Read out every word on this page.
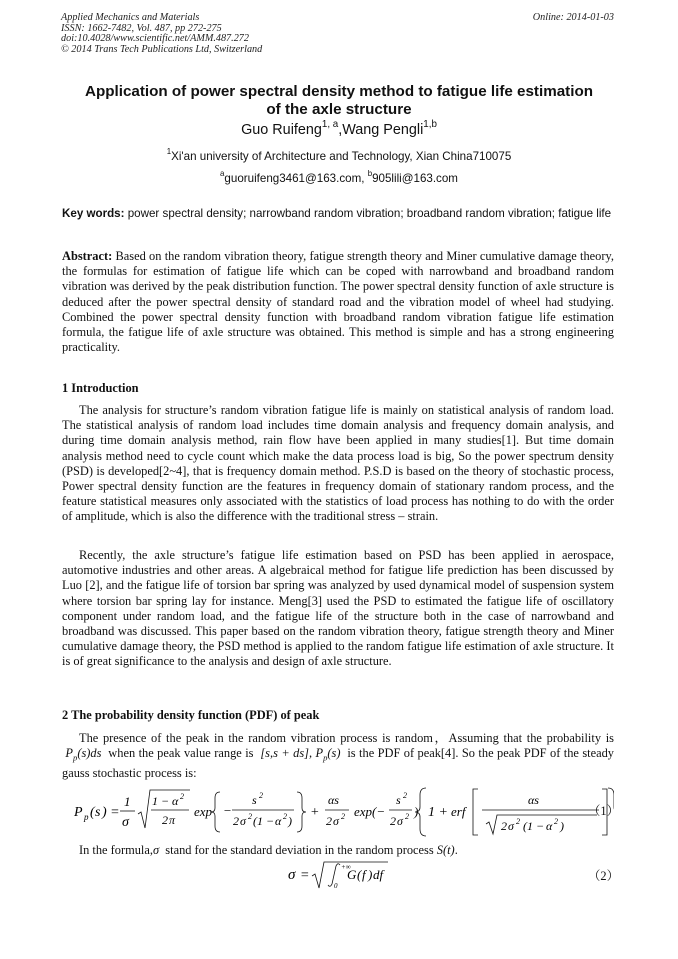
Applied Mechanics and Materials
ISSN: 1662-7482, Vol. 487, pp 272-275
doi:10.4028/www.scientific.net/AMM.487.272
© 2014 Trans Tech Publications Ltd, Switzerland
Online: 2014-01-03
Application of power spectral density method to fatigue life estimation of the axle structure
Guo Ruifeng$^{1, a}$,Wang Pengli$^{1,b}$
$^1$Xi'an university of Architecture and Technology, Xian China710075
$^a$guoruifeng3461@163.com, $^b$905lili@163.com
Key words: power spectral density; narrowband random vibration; broadband random vibration; fatigue life
Abstract: Based on the random vibration theory, fatigue strength theory and Miner cumulative damage theory, the formulas for estimation of fatigue life which can be coped with narrowband and broadband random vibration was derived by the peak distribution function. The power spectral density function of axle structure is deduced after the power spectral density of standard road and the vibration model of wheel had studying. Combined the power spectral density function with broadband random vibration fatigue life estimation formula, the fatigue life of axle structure was obtained. This method is simple and has a strong engineering practicality.
1 Introduction
The analysis for structure’s random vibration fatigue life is mainly on statistical analysis of random load. The statistical analysis of random load includes time domain analysis and frequency domain analysis, and during time domain analysis method, rain flow have been applied in many studies[1]. But time domain analysis method need to cycle count which make the data process load is big, So the power spectrum density (PSD) is developed[2~4], that is frequency domain method. P.S.D is based on the theory of stochastic process, Power spectral density function are the features in frequency domain of stationary random process, and the feature statistical measures only associated with the statistics of load process has nothing to do with the order of amplitude, which is also the difference with the traditional stress – strain.
Recently, the axle structure’s fatigue life estimation based on PSD has been applied in aerospace, automotive industries and other areas. A algebraical method for fatigue life prediction has been discussed by Luo [2], and the fatigue life of torsion bar spring was analyzed by used dynamical model of suspension system where torsion bar spring lay for instance. Meng[3] used the PSD to estimated the fatigue life of oscillatory component under random load, and the fatigue life of the structure both in the case of narrowband and broadband was discussed. This paper based on the random vibration theory, fatigue strength theory and Miner cumulative damage theory, the PSD method is applied to the random fatigue life estimation of axle structure. It is of great significance to the analysis and design of axle structure.
2 The probability density function (PDF) of peak
The presence of the peak in the random vibration process is random，Assuming that the probability is  $P_p(s)ds$  when the peak value range is  [s,s + ds], $P_p(s)$  is the PDF of peak[4]. So the peak PDF of the steady gauss stochastic process is:
P p ( s ) =
1
σ
1 − α 2
2 π
exp −
s 2
2 σ 2 (1 − α 2 )
+
αs
2 σ 2 exp(−
s 2
2 σ 2 ) 1 + erf
αs
2 σ 2 (1 − α 2 )
（1）
In the formula,σ  stand for the standard deviation in the random process S(t).
σ =
+∞
0
G ( f ) df	（2）
